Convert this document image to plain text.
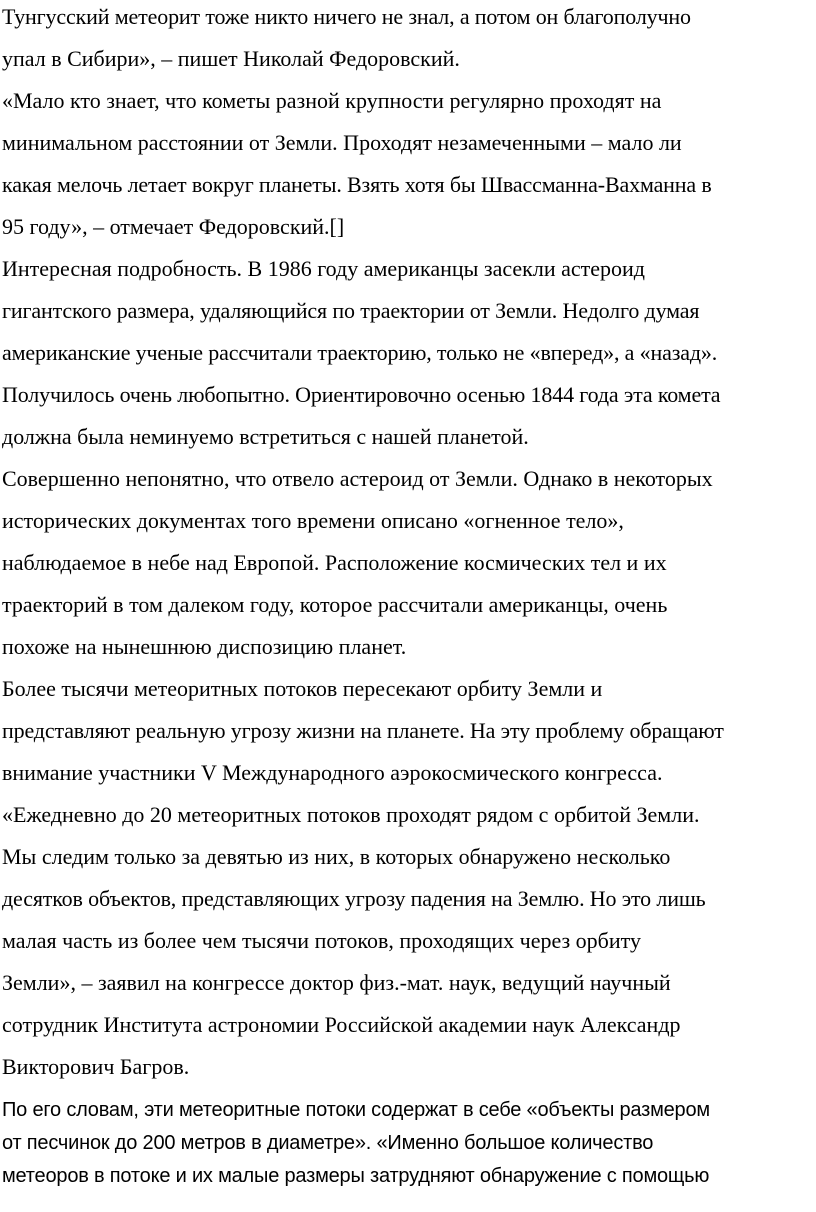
Тунгусский метеорит тоже никто ничего не знал, а потом он благополучно
упал в Сибири», – пишет Николай Федоровский.
«Мало кто знает, что кометы разной крупности регулярно проходят на
минимальном расстоянии от Земли. Проходят незамеченными – мало ли
какая мелочь летает вокруг планеты. Взять хотя бы Швассманна-Вахманна в
95 году», – отмечает Федоровский.[]
Интересная подробность. В 1986 году американцы засекли астероид
гигантского размера, удаляющийся по траектории от Земли. Недолго думая
американские ученые рассчитали траекторию, только не «вперед», а «назад».
Получилось очень любопытно. Ориентировочно осенью 1844 года эта комета
должна была неминуемо встретиться с нашей планетой.
Совершенно непонятно, что отвело астероид от Земли. Однако в некоторых
исторических документах того времени описано «огненное тело»,
наблюдаемое в небе над Европой. Расположение космических тел и их
траекторий в том далеком году, которое рассчитали американцы, очень
похоже на нынешнюю диспозицию планет.
Более тысячи метеоритных потоков пересекают орбиту Земли и
представляют реальную угрозу жизни на планете. На эту проблему обращают
внимание участники V Международного аэрокосмического конгресса.
«Ежедневно до 20 метеоритных потоков проходят рядом с орбитой Земли.
Мы следим только за девятью из них, в которых обнаружено несколько
десятков объектов, представляющих угрозу падения на Землю. Но это лишь
малая часть из более чем тысячи потоков, проходящих через орбиту
Земли», – заявил на конгрессе доктор физ.-мат. наук, ведущий научный
сотрудник Института астрономии Российской академии наук Александр
Викторович Багров.
По его словам, эти метеоритные потоки содержат в себе «объекты размером
от песчинок до 200 метров в диаметре». «Именно большое количество
метеоров в потоке и их малые размеры затрудняют обнаружение с помощью
